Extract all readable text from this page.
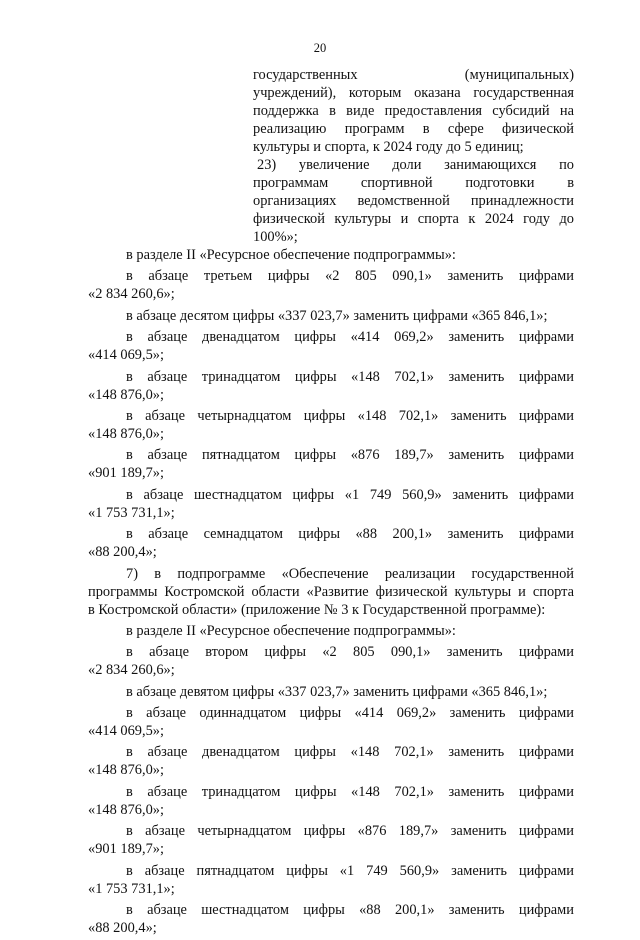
20
государственных (муниципальных)
учреждений), которым оказана государственная
поддержка в виде предоставления субсидий на
реализацию программ в сфере физической
культуры и спорта, к 2024 году до 5 единиц;
23) увеличение доли занимающихся по
программам спортивной подготовки в
организациях ведомственной принадлежности
физической культуры и спорта к 2024 году до
100%»;
в разделе II «Ресурсное обеспечение подпрограммы»:
в абзаце третьем цифры «2 805 090,1» заменить цифрами
«2 834 260,6»;
в абзаце десятом цифры «337 023,7» заменить цифрами «365 846,1»;
в абзаце двенадцатом цифры «414 069,2» заменить цифрами
«414 069,5»;
в абзаце тринадцатом цифры «148 702,1» заменить цифрами
«148 876,0»;
в абзаце четырнадцатом цифры «148 702,1» заменить цифрами
«148 876,0»;
в абзаце пятнадцатом цифры «876 189,7» заменить цифрами
«901 189,7»;
в абзаце шестнадцатом цифры «1 749 560,9» заменить цифрами
«1 753 731,1»;
в абзаце семнадцатом цифры «88 200,1» заменить цифрами
«88 200,4»;
7) в подпрограмме «Обеспечение реализации государственной
программы Костромской области «Развитие физической культуры и спорта
в Костромской области» (приложение № 3 к Государственной программе):
в разделе II «Ресурсное обеспечение подпрограммы»:
в абзаце втором цифры «2 805 090,1» заменить цифрами
«2 834 260,6»;
в абзаце девятом цифры «337 023,7» заменить цифрами «365 846,1»;
в абзаце одиннадцатом цифры «414 069,2» заменить цифрами
«414 069,5»;
в абзаце двенадцатом цифры «148 702,1» заменить цифрами
«148 876,0»;
в абзаце тринадцатом цифры «148 702,1» заменить цифрами
«148 876,0»;
в абзаце четырнадцатом цифры «876 189,7» заменить цифрами
«901 189,7»;
в абзаце пятнадцатом цифры «1 749 560,9» заменить цифрами
«1 753 731,1»;
в абзаце шестнадцатом цифры «88 200,1» заменить цифрами
«88 200,4»;
